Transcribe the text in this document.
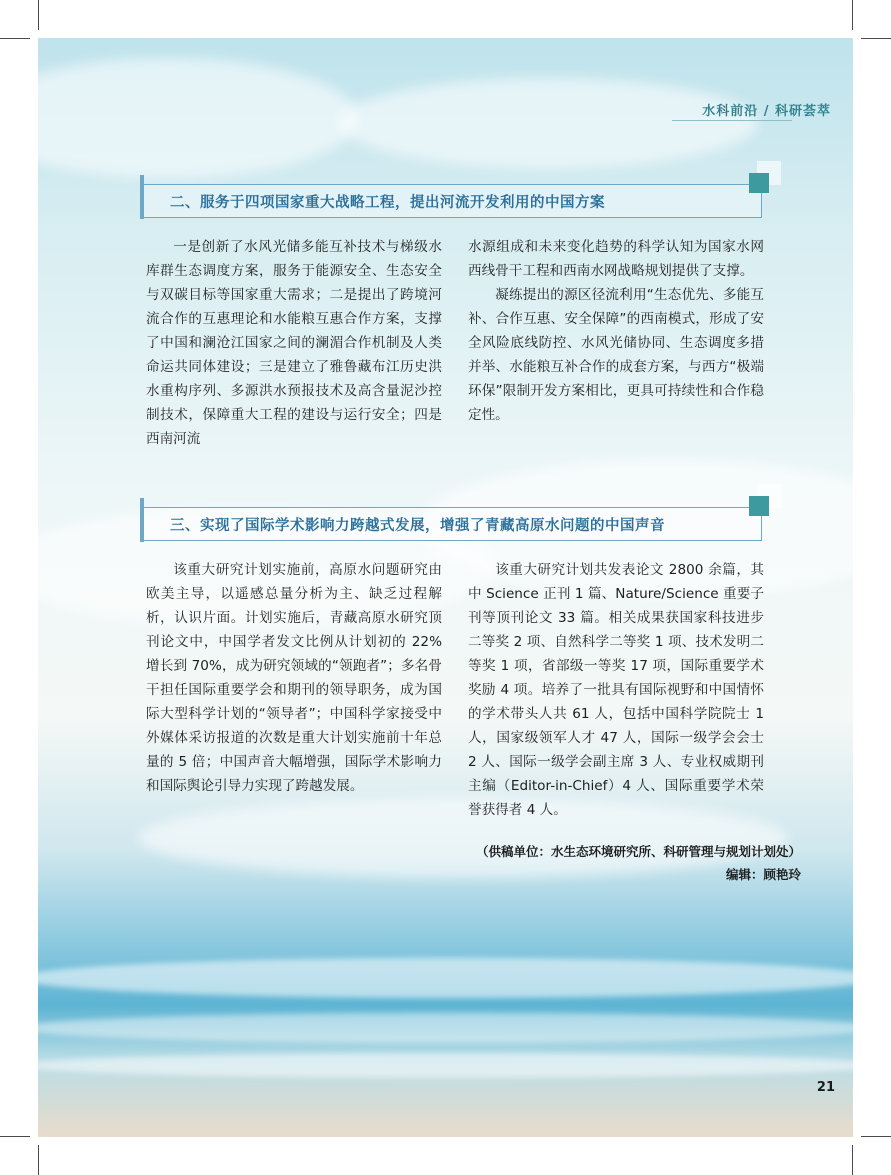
水科前沿 / 科研荟萃
二、服务于四项国家重大战略工程，提出河流开发利用的中国方案

一是创新了水风光储多能互补技术与梯级水库群生态调度方案，服务于能源安全、生态安全与双碳目标等国家重大需求；二是提出了跨境河流合作的互惠理论和水能粮互惠合作方案，支撑了中国和澜沧江国家之间的澜湄合作机制及人类命运共同体建设；三是建立了雅鲁藏布江历史洪水重构序列、多源洪水预报技术及高含量泥沙控制技术，保障重大工程的建设与运行安全；四是西南河流

水源组成和未来变化趋势的科学认知为国家水网西线骨干工程和西南水网战略规划提供了支撑。

凝练提出的源区径流利用“生态优先、多能互补、合作互惠、安全保障”的西南模式，形成了安全风险底线防控、水风光储协同、生态调度多措并举、水能粮互补合作的成套方案，与西方“极端环保”限制开发方案相比，更具可持续性和合作稳定性。

三、实现了国际学术影响力跨越式发展，增强了青藏高原水问题的中国声音

该重大研究计划实施前，高原水问题研究由欧美主导，以遥感总量分析为主、缺乏过程解析，认识片面。计划实施后，青藏高原水研究顶刊论文中，中国学者发文比例从计划初的 22% 增长到 70%，成为研究领域的“领跑者”；多名骨干担任国际重要学会和期刊的领导职务，成为国际大型科学计划的“领导者”；中国科学家接受中外媒体采访报道的次数是重大计划实施前十年总量的 5 倍；中国声音大幅增强，国际学术影响力和国际舆论引导力实现了跨越发展。

该重大研究计划共发表论文 2800 余篇，其中 Science 正刊 1 篇、Nature/Science 重要子刊等顶刊论文 33 篇。相关成果获国家科技进步二等奖 2 项、自然科学二等奖 1 项、技术发明二等奖 1 项，省部级一等奖 17 项，国际重要学术奖励 4 项。培养了一批具有国际视野和中国情怀的学术带头人共 61 人，包括中国科学院院士 1 人，国家级领军人才 47 人，国际一级学会会士 2 人、国际一级学会副主席 3 人、专业权威期刊主编（Editor-in-Chief）4 人、国际重要学术荣誉获得者 4 人。

（供稿单位：水生态环境研究所、科研管理与规划计划处）
编辑：顾艳玲
21
